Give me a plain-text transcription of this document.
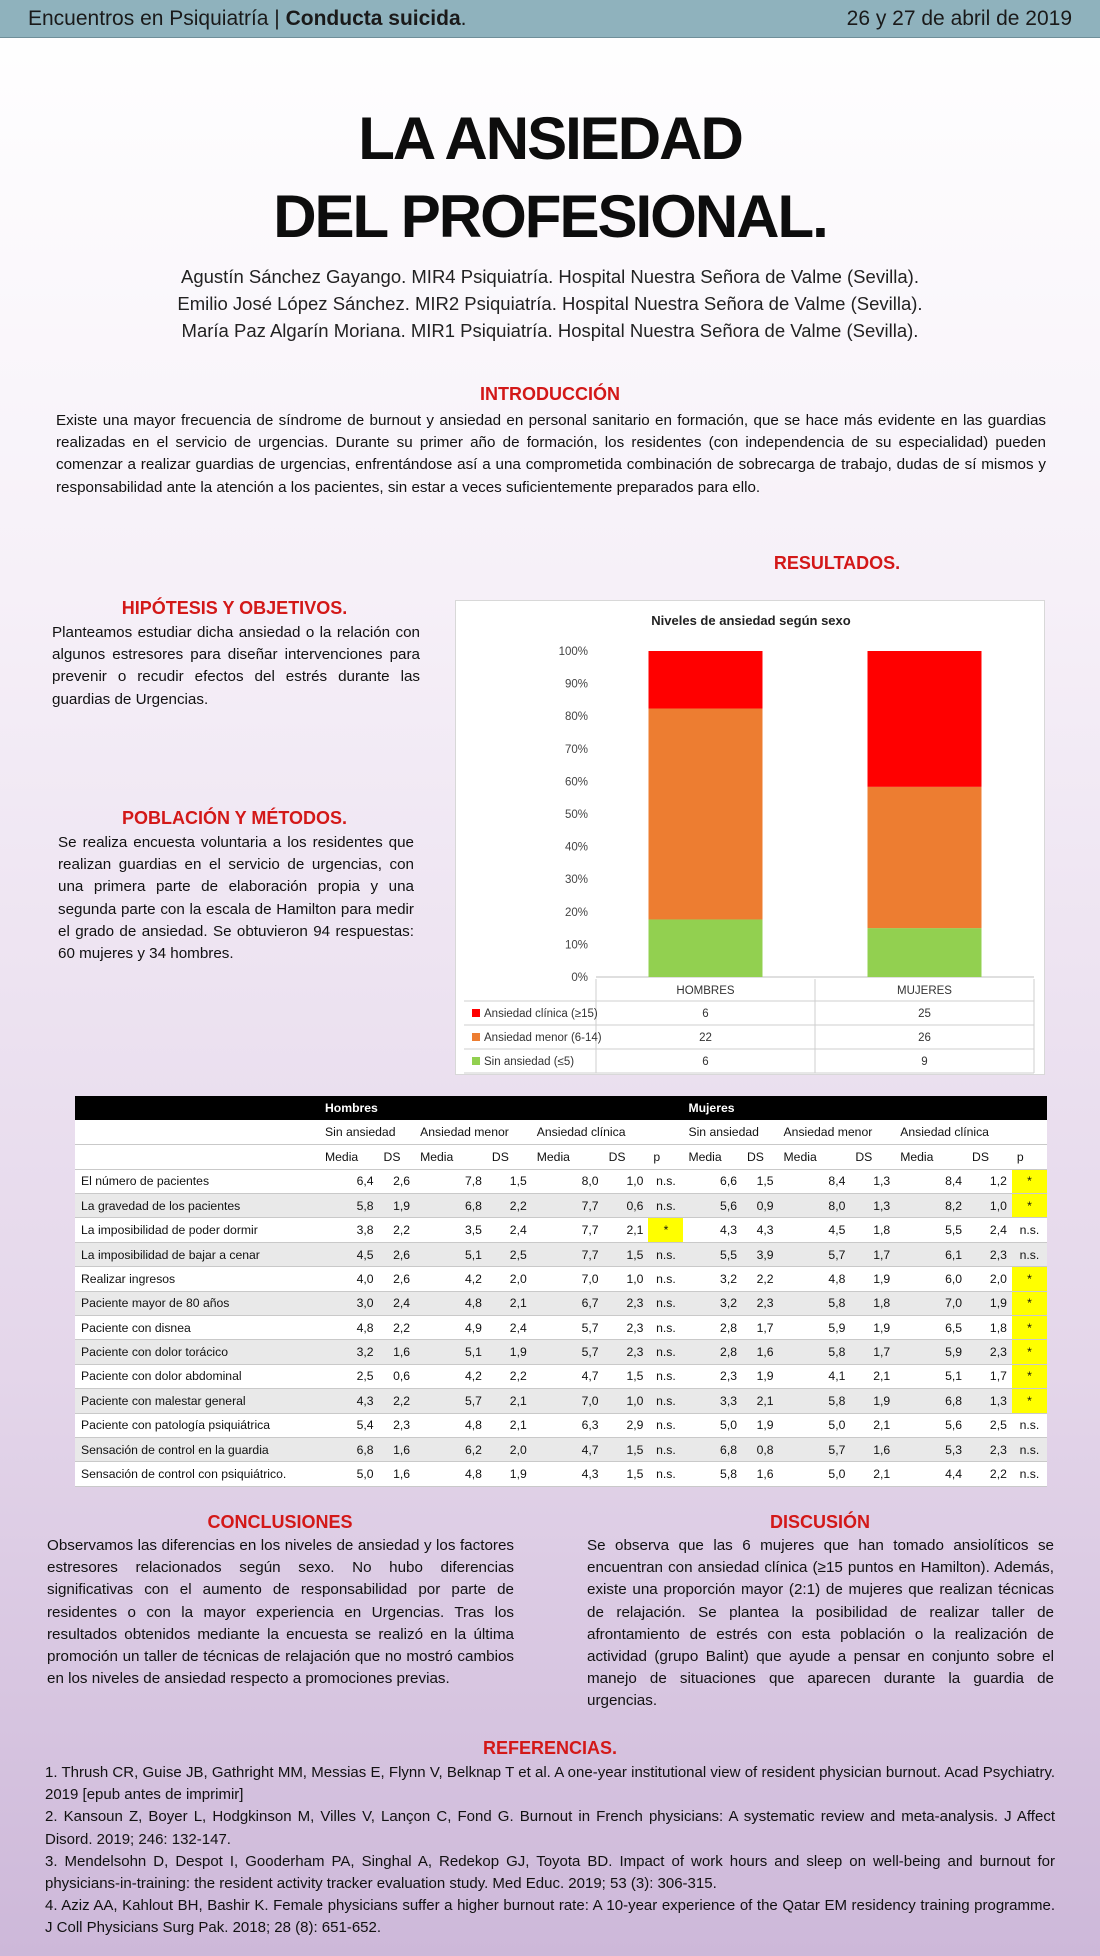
Encuentros en Psiquiatría | Conducta suicida.	26 y 27 de abril de 2019
LA ANSIEDAD
DEL PROFESIONAL.
Agustín Sánchez Gayango. MIR4 Psiquiatría. Hospital Nuestra Señora de Valme (Sevilla).
Emilio José López Sánchez. MIR2 Psiquiatría. Hospital Nuestra Señora de Valme (Sevilla).
María Paz Algarín Moriana. MIR1 Psiquiatría. Hospital Nuestra Señora de Valme (Sevilla).
INTRODUCCIÓN
Existe una mayor frecuencia de síndrome de burnout y ansiedad en personal sanitario en formación, que se hace más evidente en las guardias realizadas en el servicio de urgencias. Durante su primer año de formación, los residentes (con independencia de su especialidad) pueden comenzar a realizar guardias de urgencias, enfrentándose así a una comprometida combinación de sobrecarga de trabajo, dudas de sí mismos y responsabilidad ante la atención a los pacientes, sin estar a veces suficientemente preparados para ello.
RESULTADOS.
HIPÓTESIS Y OBJETIVOS.
Planteamos estudiar dicha ansiedad o la relación con algunos estresores para diseñar intervenciones para prevenir o recudir efectos del estrés durante las guardias de Urgencias.
POBLACIÓN Y MÉTODOS.
Se realiza encuesta voluntaria a los residentes que realizan guardias en el servicio de urgencias, con una primera parte de elaboración propia y una segunda parte con la escala de Hamilton para medir el grado de ansiedad. Se obtuvieron 94 respuestas: 60 mujeres y 34 hombres.
Niveles de ansiedad según sexo
0%
10%
20%
30%
40%
50%
60%
70%
80%
90%
100%
HOMBRES	MUJERES
Ansiedad clínica (≥15)	6	25
Ansiedad menor (6-14)	22	26
Sin ansiedad (≤5)	6	9
	Hombres							Mujeres						
	Sin ansiedad		Ansiedad menor		Ansiedad clínica			Sin ansiedad		Ansiedad menor		Ansiedad clínica		
	Media	DS	Media	DS	Media	DS	p	Media	DS	Media	DS	Media	DS	p
El número de pacientes	6,4	2,6	7,8	1,5	8,0	1,0	n.s.	6,6	1,5	8,4	1,3	8,4	1,2	*
La gravedad de los pacientes	5,8	1,9	6,8	2,2	7,7	0,6	n.s.	5,6	0,9	8,0	1,3	8,2	1,0	*
La imposibilidad de poder dormir	3,8	2,2	3,5	2,4	7,7	2,1	*	4,3	4,3	4,5	1,8	5,5	2,4	n.s.
La imposibilidad de bajar a cenar	4,5	2,6	5,1	2,5	7,7	1,5	n.s.	5,5	3,9	5,7	1,7	6,1	2,3	n.s.
Realizar ingresos	4,0	2,6	4,2	2,0	7,0	1,0	n.s.	3,2	2,2	4,8	1,9	6,0	2,0	*
Paciente mayor de 80 años	3,0	2,4	4,8	2,1	6,7	2,3	n.s.	3,2	2,3	5,8	1,8	7,0	1,9	*
Paciente con disnea	4,8	2,2	4,9	2,4	5,7	2,3	n.s.	2,8	1,7	5,9	1,9	6,5	1,8	*
Paciente con dolor torácico	3,2	1,6	5,1	1,9	5,7	2,3	n.s.	2,8	1,6	5,8	1,7	5,9	2,3	*
Paciente con dolor abdominal	2,5	0,6	4,2	2,2	4,7	1,5	n.s.	2,3	1,9	4,1	2,1	5,1	1,7	*
Paciente con malestar general	4,3	2,2	5,7	2,1	7,0	1,0	n.s.	3,3	2,1	5,8	1,9	6,8	1,3	*
Paciente con patología psiquiátrica	5,4	2,3	4,8	2,1	6,3	2,9	n.s.	5,0	1,9	5,0	2,1	5,6	2,5	n.s.
Sensación de control en la guardia	6,8	1,6	6,2	2,0	4,7	1,5	n.s.	6,8	0,8	5,7	1,6	5,3	2,3	n.s.
Sensación de control con psiquiátrico.	5,0	1,6	4,8	1,9	4,3	1,5	n.s.	5,8	1,6	5,0	2,1	4,4	2,2	n.s.
CONCLUSIONES
Observamos las diferencias en los niveles de ansiedad y los factores estresores relacionados según sexo. No hubo diferencias significativas con el aumento de responsabilidad por parte de residentes o con la mayor experiencia en Urgencias. Tras los resultados obtenidos mediante la encuesta se realizó en la última promoción un taller de técnicas de relajación que no mostró cambios en los niveles de ansiedad respecto a promociones previas.
DISCUSIÓN
Se observa que las 6 mujeres que han tomado ansiolíticos se encuentran con ansiedad clínica (≥15 puntos en Hamilton). Además, existe una proporción mayor (2:1) de mujeres que realizan técnicas de relajación. Se plantea la posibilidad de realizar taller de afrontamiento de estrés con esta población o la realización de actividad (grupo Balint) que ayude a pensar en conjunto sobre el manejo de situaciones que aparecen durante la guardia de urgencias.
REFERENCIAS.
1. Thrush CR, Guise JB, Gathright MM, Messias E, Flynn V, Belknap T et al. A one-year institutional view of resident physician burnout. Acad Psychiatry. 2019 [epub antes de imprimir]
2. Kansoun Z, Boyer L, Hodgkinson M, Villes V, Lançon C, Fond G. Burnout in French physicians: A systematic review and meta-analysis. J Affect Disord. 2019; 246: 132-147.
3. Mendelsohn D, Despot I, Gooderham PA, Singhal A, Redekop GJ, Toyota BD. Impact of work hours and sleep on well-being and burnout for physicians-in-training: the resident activity tracker evaluation study. Med Educ. 2019; 53 (3): 306-315.
4. Aziz AA, Kahlout BH, Bashir K. Female physicians suffer a higher burnout rate: A 10-year experience of the Qatar EM residency training programme. J Coll Physicians Surg Pak. 2018; 28 (8): 651-652.
